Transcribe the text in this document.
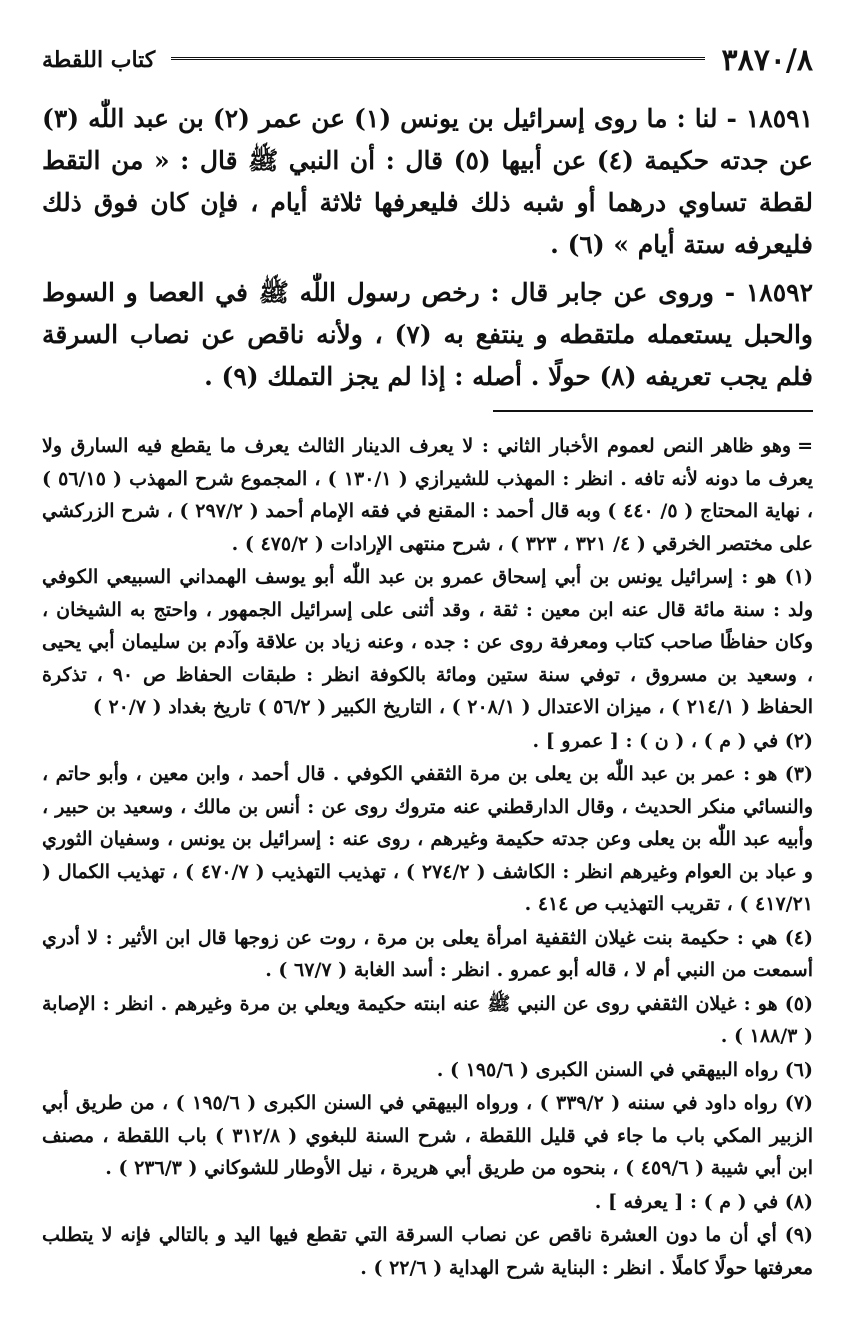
٣٨٧٠/٨
كتاب اللقطة

١٨٥٩١ - لنا : ما روى إسرائيل بن يونس (١) عن عمر (٢) بن عبد اللّٰه (٣) عن جدته حكيمة (٤) عن أبيها (٥) قال : أن النبي ﷺ قال : « من التقط لقطة تساوي درهما أو شبه ذلك فليعرفها ثلاثة أيام ، فإن كان فوق ذلك فليعرفه ستة أيام » (٦) .

١٨٥٩٢ - وروى عن جابر قال : رخص رسول اللّٰه ﷺ في العصا و السوط والحبل يستعمله ملتقطه و ينتفع به (٧) ، ولأنه ناقص عن نصاب السرقة فلم يجب تعريفه (٨) حولًا . أصله : إذا لم يجز التملك (٩) .

=وهو ظاهر النص لعموم الأخبار الثاني : لا يعرف الدينار الثالث يعرف ما يقطع فيه السارق ولا يعرف ما دونه لأنه تافه . انظر : المهذب للشيرازي ( ١٣٠/١ ) ، المجموع شرح المهذب ( ٥٦/١٥ ) ، نهاية المحتاج ( ٥/ ٤٤٠ ) وبه قال أحمد : المقنع في فقه الإمام أحمد ( ٢٩٧/٢ ) ، شرح الزركشي على مختصر الخرقي ( ٤/ ٣٢١ ، ٣٢٣ ) ، شرح منتهى الإرادات ( ٤٧٥/٢ ) .

(١) هو : إسرائيل يونس بن أبي إسحاق عمرو بن عبد اللّٰه أبو يوسف الهمداني السبيعي الكوفي ولد : سنة مائة قال عنه ابن معين : ثقة ، وقد أثنى على إسرائيل الجمهور ، واحتج به الشيخان ، وكان حفاظًا صاحب كتاب ومعرفة روى عن : جده ، وعنه زياد بن علاقة وآدم بن سليمان أبي يحيى ، وسعيد بن مسروق ، توفي سنة ستين ومائة بالكوفة انظر : طبقات الحفاظ ص ٩٠ ، تذكرة الحفاظ ( ٢١٤/١ ) ، ميزان الاعتدال ( ٢٠٨/١ ) ، التاريخ الكبير ( ٥٦/٢ ) تاريخ بغداد ( ٢٠/٧ )

(٢) في ( م ) ، ( ن ) : [ عمرو ] .

(٣) هو : عمر بن عبد اللّٰه بن يعلى بن مرة الثقفي الكوفي . قال أحمد ، وابن معين ، وأبو حاتم ، والنسائي منكر الحديث ، وقال الدارقطني عنه متروك روى عن : أنس بن مالك ، وسعيد بن حبير ، وأبيه عبد اللّٰه بن يعلى وعن جدته حكيمة وغيرهم ، روى عنه : إسرائيل بن يونس ، وسفيان الثوري و عباد بن العوام وغيرهم انظر : الكاشف ( ٢٧٤/٢ ) ، تهذيب التهذيب ( ٤٧٠/٧ ) ، تهذيب الكمال ( ٤١٧/٢١ ) ، تقريب التهذيب ص ٤١٤ .

(٤) هي : حكيمة بنت غيلان الثقفية امرأة يعلى بن مرة ، روت عن زوجها قال ابن الأثير : لا أدري أسمعت من النبي أم لا ، قاله أبو عمرو . انظر : أسد الغابة ( ٦٧/٧ ) .

(٥) هو : غيلان الثقفي روى عن النبي ﷺ عنه ابنته حكيمة ويعلي بن مرة وغيرهم . انظر : الإصابة ( ١٨٨/٣ ) .

(٦) رواه البيهقي في السنن الكبرى ( ١٩٥/٦ ) .

(٧) رواه داود في سننه ( ٣٣٩/٢ ) ، ورواه البيهقي في السنن الكبرى ( ١٩٥/٦ ) ، من طريق أبي الزبير المكي باب ما جاء في قليل اللقطة ، شرح السنة للبغوي ( ٣١٢/٨ ) باب اللقطة ، مصنف ابن أبي شيبة ( ٤٥٩/٦ ) ، بنحوه من طريق أبي هريرة ، نيل الأوطار للشوكاني ( ٢٣٦/٣ ) .

(٨) في ( م ) : [ يعرفه ] .

(٩) أي أن ما دون العشرة ناقص عن نصاب السرقة التي تقطع فيها اليد و بالتالي فإنه لا يتطلب معرفتها حولًا كاملًا . انظر : البناية شرح الهداية ( ٢٢/٦ ) .
